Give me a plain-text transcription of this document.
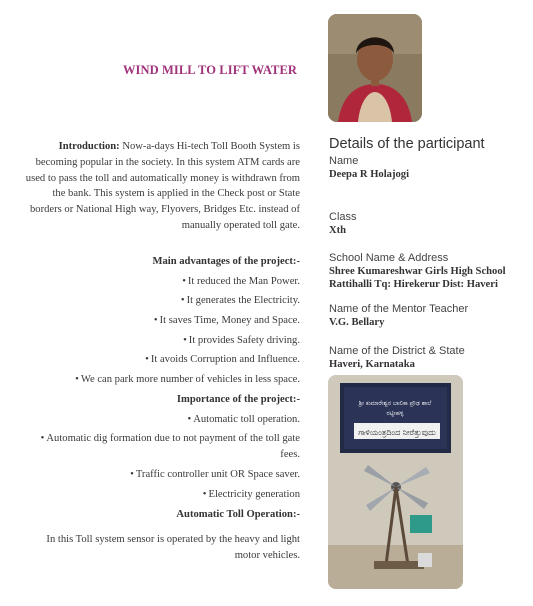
WIND MILL TO LIFT WATER
Introduction: Now-a-days Hi-tech Toll Booth System is becoming popular in the society. In this system ATM cards are used to pass the toll and automatically money is withdrawn from the bank. This system is applied in the Check post or State borders or National High way, Flyovers, Bridges Etc. instead of manually operated toll gate.
Main advantages of the project:-
• It reduced the Man Power.
• It generates the Electricity.
• It saves Time, Money and Space.
• It provides Safety driving.
• It avoids Corruption and Influence.
• We can park more number of vehicles in less space.
Importance of the project:-
• Automatic toll operation.
• Automatic dig formation due to not payment of the toll gate fees.
• Traffic controller unit OR Space saver.
• Electricity generation
Automatic Toll Operation:-
In this Toll system sensor is operated by the heavy and light motor vehicles.
Details of the participant
Name
Deepa R Holajogi
Class
Xth
School Name & Address
Shree Kumareshwar Girls High School
Rattihalli Tq: Hirekerur Dist: Haveri
Name of the Mentor Teacher
V.G. Bellary
Name of the District & State
Haveri, Karnataka
ಶ್ರೀ ಕುಮಾರೇಶ್ವರ ಬಾಲಿಕಾ ಪ್ರೌಢ ಶಾಲೆ
ರಟ್ಟೀಹಳ್ಳಿ
ಗಾಳಿಯಂತ್ರದಿಂದ ನೀರೆತ್ತುವುದು
